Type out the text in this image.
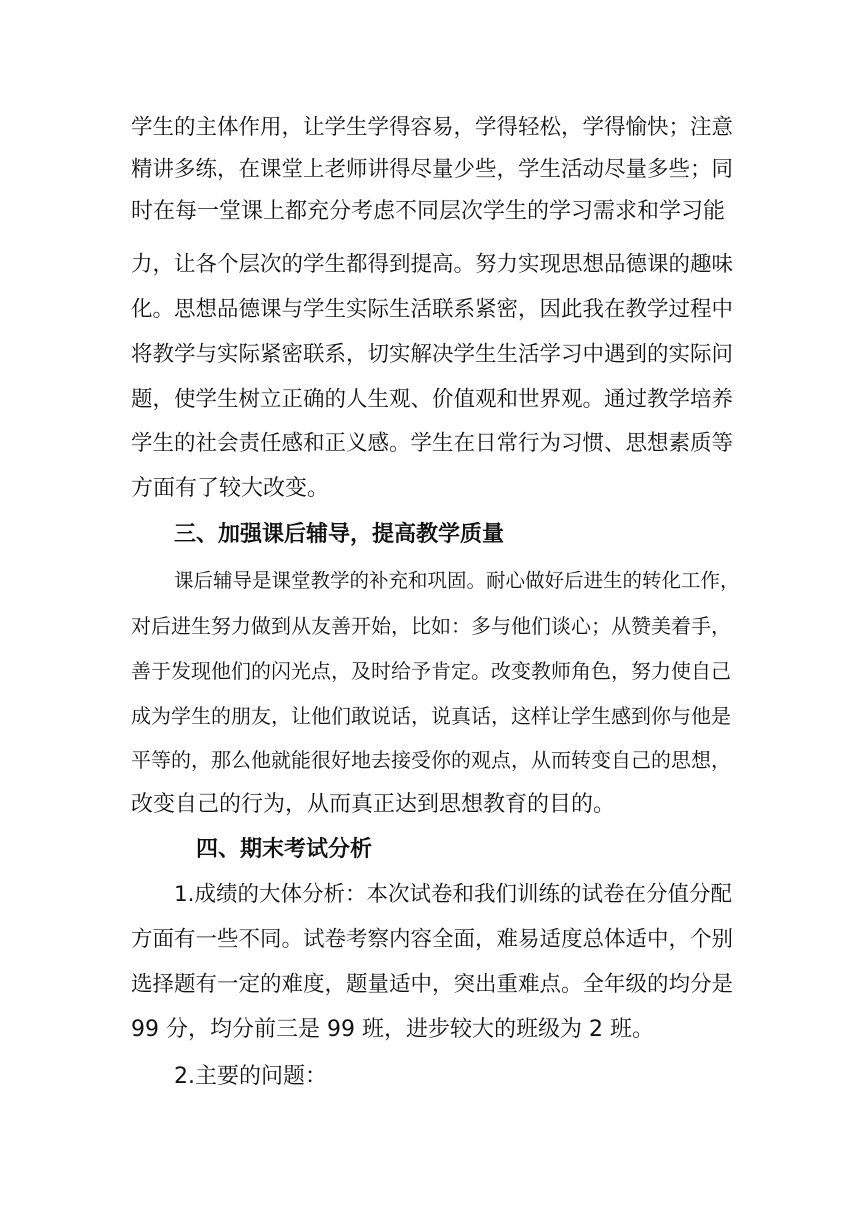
学生的主体作用，让学生学得容易，学得轻松，学得愉快；注意
精讲多练，在课堂上老师讲得尽量少些，学生活动尽量多些；同
时在每一堂课上都充分考虑不同层次学生的学习需求和学习能
力，让各个层次的学生都得到提高。努力实现思想品德课的趣味
化。思想品德课与学生实际生活联系紧密，因此我在教学过程中
将教学与实际紧密联系，切实解决学生生活学习中遇到的实际问
题，使学生树立正确的人生观、价值观和世界观。通过教学培养
学生的社会责任感和正义感。学生在日常行为习惯、思想素质等
方面有了较大改变。
三、加强课后辅导，提高教学质量
课后辅导是课堂教学的补充和巩固。耐心做好后进生的转化工作，
对后进生努力做到从友善开始，比如：多与他们谈心；从赞美着手，
善于发现他们的闪光点，及时给予肯定。改变教师角色，努力使自己
成为学生的朋友，让他们敢说话，说真话，这样让学生感到你与他是
平等的，那么他就能很好地去接受你的观点，从而转变自己的思想，
改变自己的行为，从而真正达到思想教育的目的。
四、期末考试分析
1.成绩的大体分析：本次试卷和我们训练的试卷在分值分配
方面有一些不同。试卷考察内容全面，难易适度总体适中，个别
选择题有一定的难度，题量适中，突出重难点。全年级的均分是
99 分，均分前三是 99 班，进步较大的班级为 2 班。
2.主要的问题：
